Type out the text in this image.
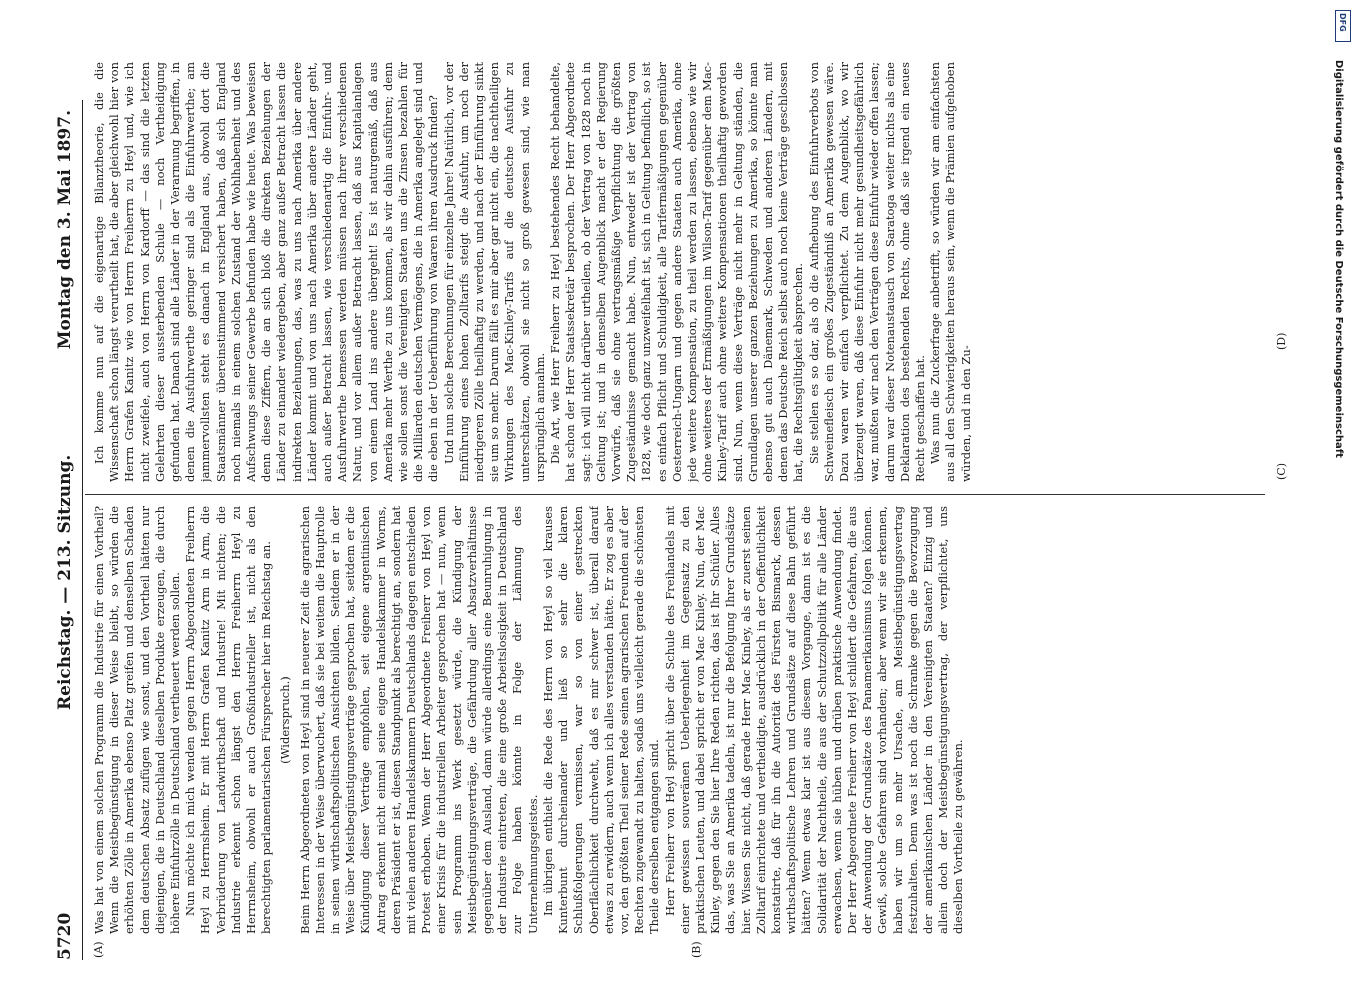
5720
Reichstag. — 213. Sitzung.
Montag den 3. Mai 1897.
(A)	(B)

Was hat von einem solchen Programm die Industrie für einen Vortheil? Wenn die Meistbegünstigung in dieser Weise bleibt, so würden die erhöhten Zölle in Amerika ebenso Platz greifen und denselben Schaden dem deutschen Absatz zufügen wie sonst, und den Vortheil hätten nur diejenigen, die in Deutschland dieselben Produkte erzeugen, die durch höhere Einfuhrzölle in Deutschland vertheuert werden sollen. Nun möchte ich mich wenden gegen Herrn Abgeordneten Freiherrn Heyl zu Herrnsheim. Er mit Herrn Grafen Kanitz Arm in Arm, die Verbrüderung von Landwirthschaft und Industrie! Mit nichten; die Industrie erkennt schon längst den Herrn Freiherrn Heyl zu Herrnsheim, obwohl er auch Großindustrieller ist, nicht als den berechtigten parlamentarischen Fürsprecher hier im Reichstag an. (Widerspruch.) Beim Herrn Abgeordneten von Heyl sind in neuerer Zeit die agrarischen Interessen in der Weise überwuchert, daß sie bei weitem die Hauptrolle in seinen wirthschaftspolitischen Ansichten bilden. Seitdem er in der Weise über Meistbegünstigungsverträge gesprochen hat, seitdem er die Kündigung dieser Verträge empfohlen, seit eigene argentinischen Antrag erkennt nicht einmal seine eigene Handelskammer in Worms, deren Präsident er ist, diesen Standpunkt als berechtigt an, sondern hat mit vielen anderen Handelskammern Deutschlands dagegen entschieden Protest erhoben. Wenn der Herr Abgeordnete Freiherr von Heyl von einer Krisis für die industriellen Arbeiter gesprochen hat — nun, wenn sein Programm ins Werk gesetzt würde, die Kündigung der Meistbegünstigungsverträge, die Gefährdung aller Absatzverhältnisse gegenüber dem Ausland, dann würde allerdings eine Beunruhigung in der Industrie eintreten, die eine große Arbeitslosigkeit in Deutschland zur Folge haben könnte in Folge der Lähmung des Unternehmungsgeistes. Im übrigen enthielt die Rede des Herrn von Heyl so viel krauses Kunterbunt durcheinander und ließ so sehr die klaren Schlußfolgerungen vermissen, war so von einer gestreckten Oberflächlichkeit durchweht, daß es mir schwer ist, überall darauf etwas zu erwidern, auch wenn ich alles verstanden hätte. Er zog es aber vor, den größten Theil seiner Rede seinen agrarischen Freunden auf der Rechten zugewandt zu halten, sodaß uns vielleicht gerade die schönsten Theile derselben entgangen sind. Herr Freiherr von Heyl spricht über die Schule des Freihandels mit einer gewissen souveränen Ueberlegenheit im Gegensatz zu den praktischen Leuten, und dabei spricht er von Mac Kinley. Nun, der Mac Kinley, gegen den Sie hier Ihre Reden richten, das ist Ihr Schüler. Alles das, was Sie an Amerika tadeln, ist nur die Befolgung Ihrer Grundsätze hier. Wissen Sie nicht, daß gerade Herr Mac Kinley, als er zuerst seinen Zolltarif einrichtete und vertheidigte, ausdrücklich in der Oeffentlichkeit konstatirte, daß für ihn die Autorität des Fürsten Bismarck, dessen wirthschaftspolitische Lehren und Grundsätze auf diese Bahn geführt hätten? Wenn etwas klar ist aus diesem Vorgange, dann ist es die Solidarität der Nachtheile, die aus der Schutzzollpolitik für alle Länder erwachsen, wenn sie hüben und drüben praktische Anwendung findet. Der Herr Abgeordnete Freiherr von Heyl schildert die Gefahren, die aus der Anwendung der Grundsätze des Panamerikanismus folgen können. Gewiß, solche Gefahren sind vorhanden; aber wenn wir sie erkennen, haben wir um so mehr Ursache, am Meistbegünstigungsvertrag festzuhalten. Denn was ist noch die Schranke gegen die Bevorzugung der amerikanischen Länder in den Vereinigten Staaten? Einzig und allein doch der Meistbegünstigungsvertrag, der verpflichtet, uns dieselben Vortheile zu gewähren.

Ich komme nun auf die eigenartige Bilanztheorie, die die Wissenschaft schon längst verurtheilt hat, die aber gleichwohl hier von Herrn Grafen Kanitz wie von Herrn Freiherrn zu Heyl und, wie ich nicht zweifele, auch von Herrn von Kardorff — das sind die letzten Gelehrten dieser aussterbenden Schule — noch Vertheidigung gefunden hat. Danach sind alle Länder in der Verarmung begriffen, in denen die Ausfuhrwerthe geringer sind als die Einfuhrwerthe; am jammervollsten steht es danach in England aus, obwohl dort die Staatsmänner übereinstimmend versichert haben, daß sich England noch niemals in einem solchen Zustand der Wohlhabenheit und des Aufschwungs seiner Gewerbe befunden habe wie heute. Was beweisen denn diese Ziffern, die an sich bloß die direkten Beziehungen der Länder zu einander wiedergeben, aber ganz außer Betracht lassen die indirekten Beziehungen, das, was zu uns nach Amerika über andere Länder kommt und von uns nach Amerika über andere Länder geht, auch außer Betracht lassen, wie verschiedenartig die Einfuhr- und Ausfuhrwerthe bemessen werden müssen nach ihrer verschiedenen Natur, und vor allem außer Betracht lassen, daß aus Kapitalanlagen von einem Land ins andere übergeht! Es ist naturgemäß, daß aus Amerika mehr Werthe zu uns kommen, als wir dahin ausführen; denn wie sollen sonst die Vereinigten Staaten uns die Zinsen bezahlen für die Milliarden deutschen Vermögens, die in Amerika angelegt sind und die eben in der Ueberführung von Waaren ihren Ausdruck finden? Und nun solche Berechnungen für einzelne Jahre! Natürlich, vor der Einführung eines hohen Zolltarifs steigt die Ausfuhr, um noch der niedrigeren Zölle theilhaftig zu werden, und nach der Einführung sinkt sie um so mehr. Darum fällt es mir aber gar nicht ein, die nachtheiligen Wirkungen des Mac-Kinley-Tarifs auf die deutsche Ausfuhr zu unterschätzen, obwohl sie nicht so groß gewesen sind, wie man ursprünglich annahm. Die Art, wie Herr Freiherr zu Heyl bestehendes Recht behandelte, hat schon der Herr Staatssekretär besprochen. Der Herr Abgeordnete sagt: ich will nicht darüber urtheilen, ob der Vertrag von 1828 noch in Geltung ist; und in demselben Augenblick macht er der Regierung Vorwürfe, daß sie ohne vertragsmäßige Verpflichtung die größten Zugeständnisse gemacht habe. Nun, entweder ist der Vertrag von 1828, wie doch ganz unzweifelhaft ist, sich in Geltung befindlich, so ist es einfach Pflicht und Schuldigkeit, alle Tarifermäßigungen gegenüber Oesterreich-Ungarn und gegen andere Staaten auch Amerika, ohne jede weitere Kompensation, zu theil werden zu lassen, ebenso wie wir ohne weiteres der Ermäßigungen im Wilson-Tarif gegenüber dem Mac-Kinley-Tarif auch ohne weitere Kompensationen theilhaftig geworden sind. Nun, wenn diese Verträge nicht mehr in Geltung ständen, die Grundlagen unserer ganzen Beziehungen zu Amerika, so könnte man ebenso gut auch Dänemark, Schweden und anderen Ländern, mit denen das Deutsche Reich selbst auch noch keine Verträge geschlossen hat, die Rechtsgültigkeit absprechen. Sie stellen es so dar, als ob die Aufhebung des Einfuhrverbots von Schweinefleisch ein großes Zugeständniß an Amerika gewesen wäre. Dazu waren wir einfach verpflichtet. Zu dem Augenblick, wo wir überzeugt waren, daß diese Einfuhr nicht mehr gesundheitsgefährlich war, mußten wir nach den Verträgen diese Einfuhr wieder offen lassen; darum war dieser Notenaustausch von Saratoga weiter nichts als eine Deklaration des bestehenden Rechts, ohne daß sie irgend ein neues Recht geschaffen hat. Was nun die Zuckerfrage anbetrifft, so würden wir am einfachsten aus all den Schwierigkeiten heraus sein, wenn die Prämien aufgehoben würden, und in den Zu-	(C)
(D)	Digitalisierung gefördert durch die Deutsche Forschungsgemeinschaft
DFG
